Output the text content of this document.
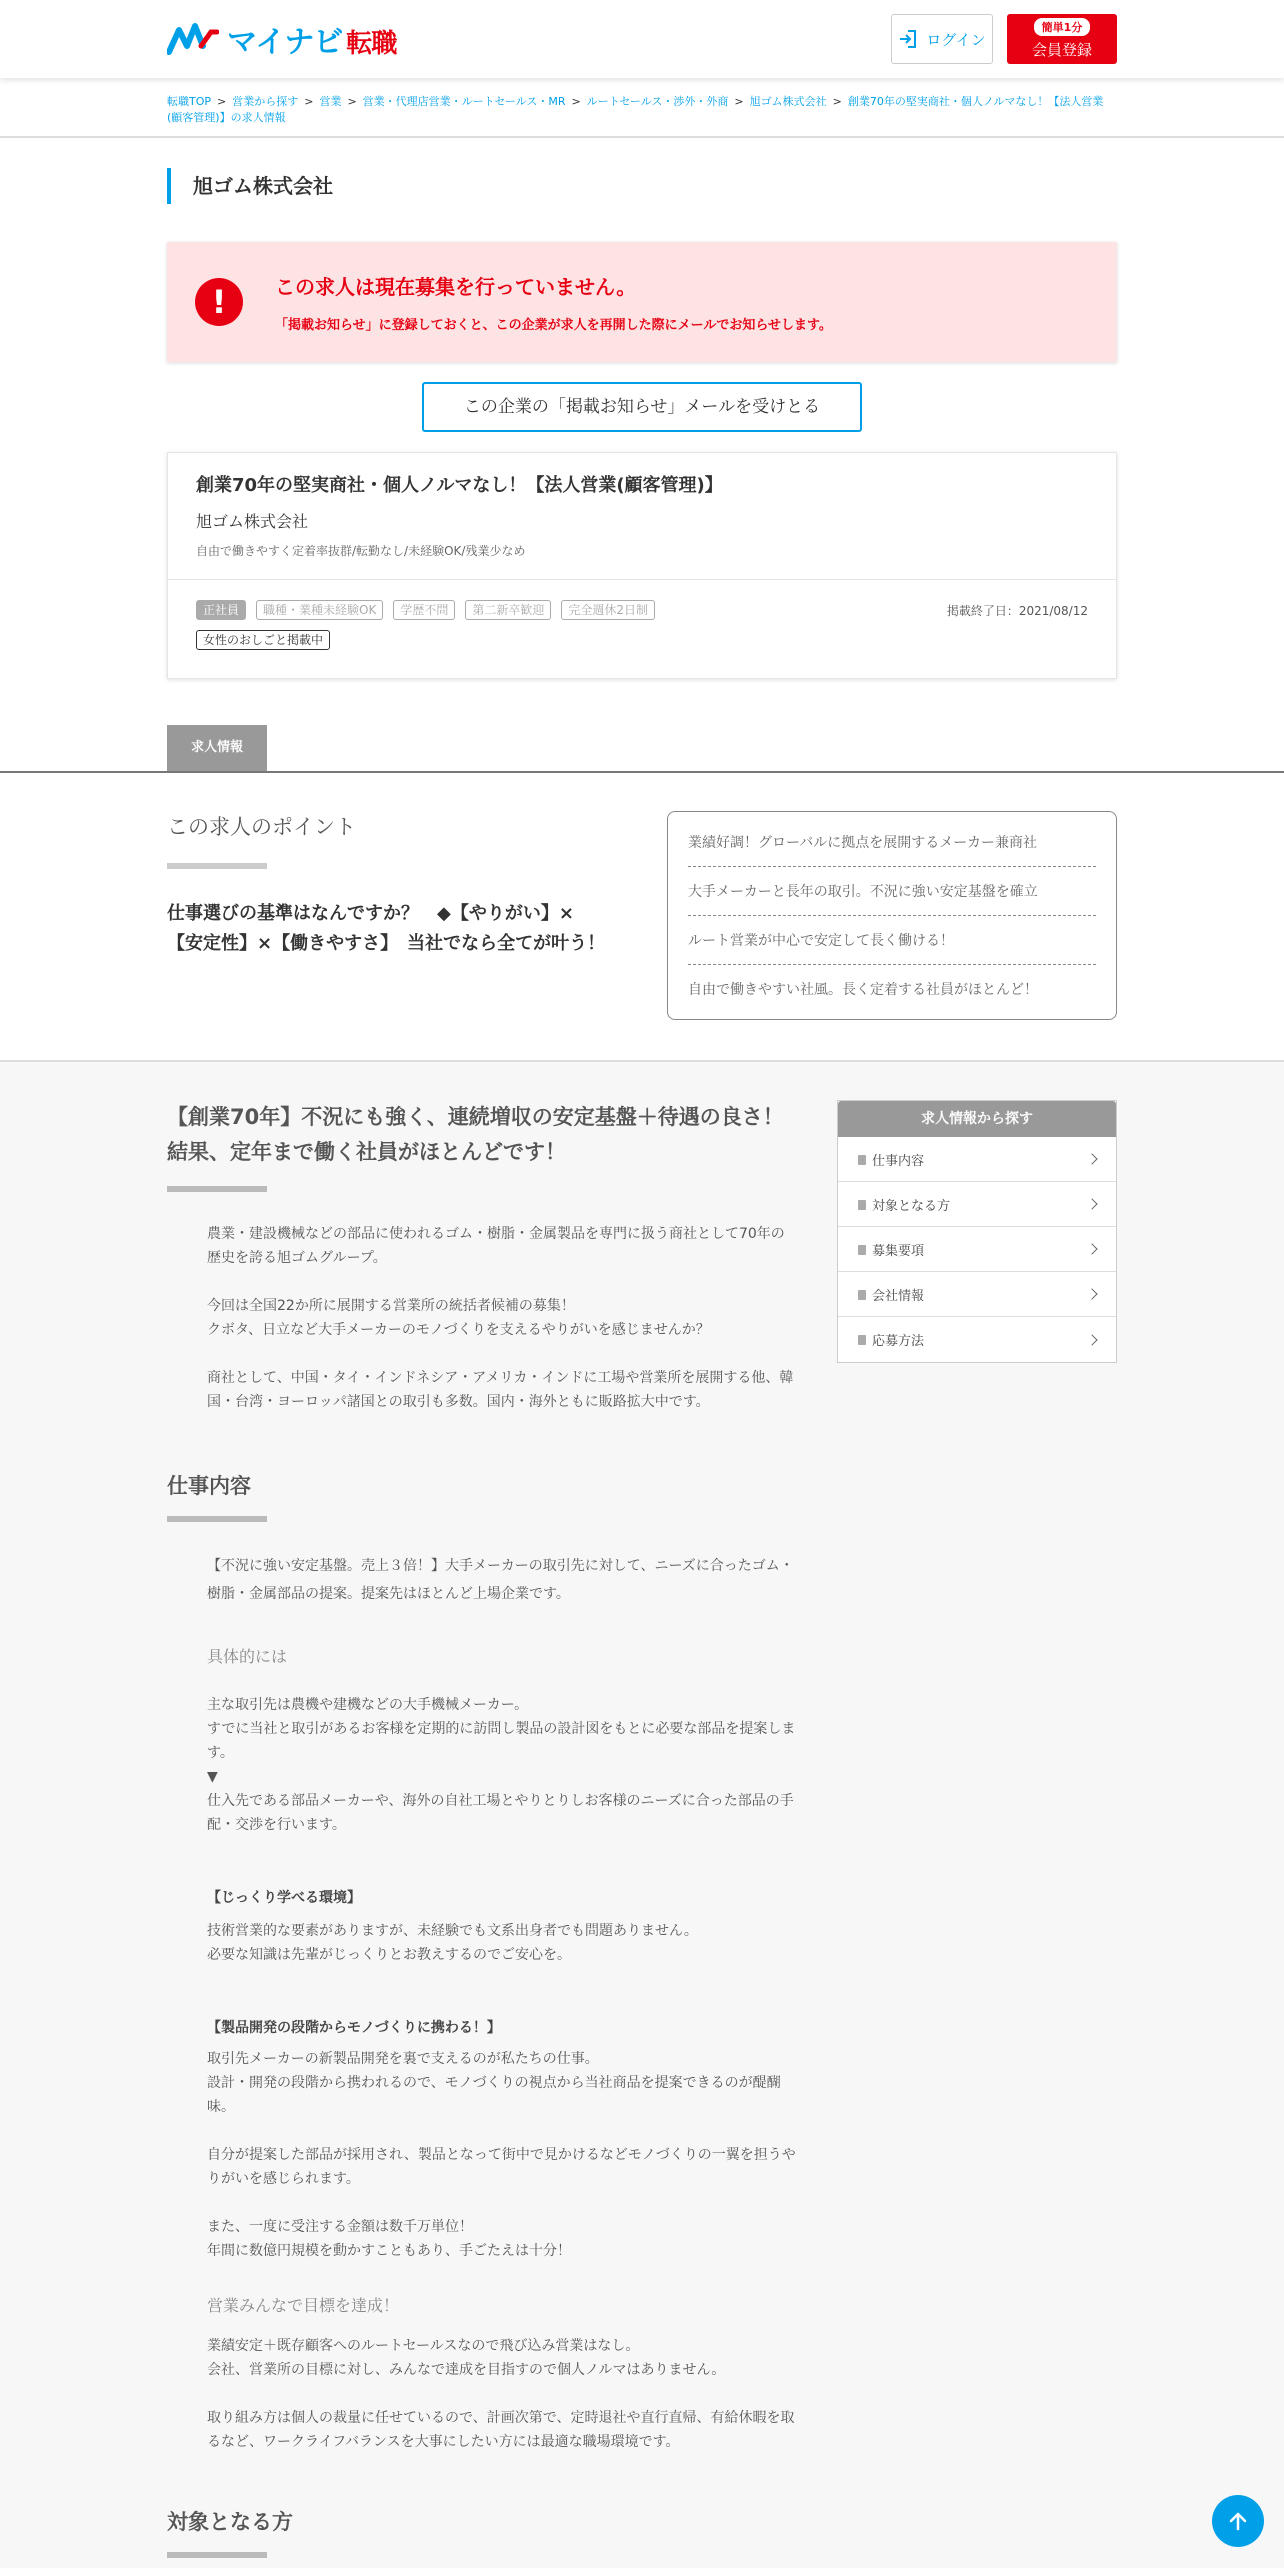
マイナビ 転職	ログイン
簡単1分
会員登録
転職TOP > 営業から探す > 営業 > 営業・代理店営業・ルートセールス・MR > ルートセールス・渉外・外商 > 旭ゴム株式会社 > 創業70年の堅実商社・個人ノルマなし！【法人営業(顧客管理)】の求人情報
旭ゴム株式会社
!	この求人は現在募集を行っていません。
「掲載お知らせ」に登録しておくと、この企業が求人を再開した際にメールでお知らせします。
この企業の「掲載お知らせ」メールを受けとる
創業70年の堅実商社・個人ノルマなし！【法人営業(顧客管理)】
旭ゴム株式会社
自由で働きやすく定着率抜群/転勤なし/未経験OK/残業少なめ
正社員	職種・業種未経験OK	学歴不問	第二新卒歓迎	完全週休2日制
女性のおしごと掲載中
掲載終了日：2021/08/12
求人情報
この求人のポイント
仕事選びの基準はなんですか？　◆【やりがい】×【安定性】×【働きやすさ】　当社でなら全てが叶う！
業績好調！グローバルに拠点を展開するメーカー兼商社
大手メーカーと長年の取引。不況に強い安定基盤を確立
ルート営業が中心で安定して長く働ける！
自由で働きやすい社風。長く定着する社員がほとんど！
【創業70年】不況にも強く、連続増収の安定基盤＋待遇の良さ！　結果、定年まで働く社員がほとんどです！

農業・建設機械などの部品に使われるゴム・樹脂・金属製品を専門に扱う商社として70年の歴史を誇る旭ゴムグループ。

今回は全国22か所に展開する営業所の統括者候補の募集！

クボタ、日立など大手メーカーのモノづくりを支えるやりがいを感じませんか？

商社として、中国・タイ・インドネシア・アメリカ・インドに工場や営業所を展開する他、韓国・台湾・ヨーロッパ諸国との取引も多数。国内・海外ともに販路拡大中です。

仕事内容

【不況に強い安定基盤。売上３倍！】大手メーカーの取引先に対して、ニーズに合ったゴム・樹脂・金属部品の提案。提案先はほとんど上場企業です。

具体的には

主な取引先は農機や建機などの大手機械メーカー。

すでに当社と取引があるお客様を定期的に訪問し製品の設計図をもとに必要な部品を提案します。

▼

仕入先である部品メーカーや、海外の自社工場とやりとりしお客様のニーズに合った部品の手配・交渉を行います。

【じっくり学べる環境】

技術営業的な要素がありますが、未経験でも文系出身者でも問題ありません。

必要な知識は先輩がじっくりとお教えするのでご安心を。

【製品開発の段階からモノづくりに携わる！】

取引先メーカーの新製品開発を裏で支えるのが私たちの仕事。

設計・開発の段階から携われるので、モノづくりの視点から当社商品を提案できるのが醍醐味。

自分が提案した部品が採用され、製品となって街中で見かけるなどモノづくりの一翼を担うやりがいを感じられます。

また、一度に受注する金額は数千万単位！

年間に数億円規模を動かすこともあり、手ごたえは十分！

営業みんなで目標を達成！

業績安定＋既存顧客へのルートセールスなので飛び込み営業はなし。

会社、営業所の目標に対し、みんなで達成を目指すので個人ノルマはありません。

取り組み方は個人の裁量に任せているので、計画次第で、定時退社や直行直帰、有給休暇を取るなど、ワークライフバランスを大事にしたい方には最適な職場環境です。

対象となる方
求人情報から探す
仕事内容
対象となる方
募集要項
会社情報
応募方法
